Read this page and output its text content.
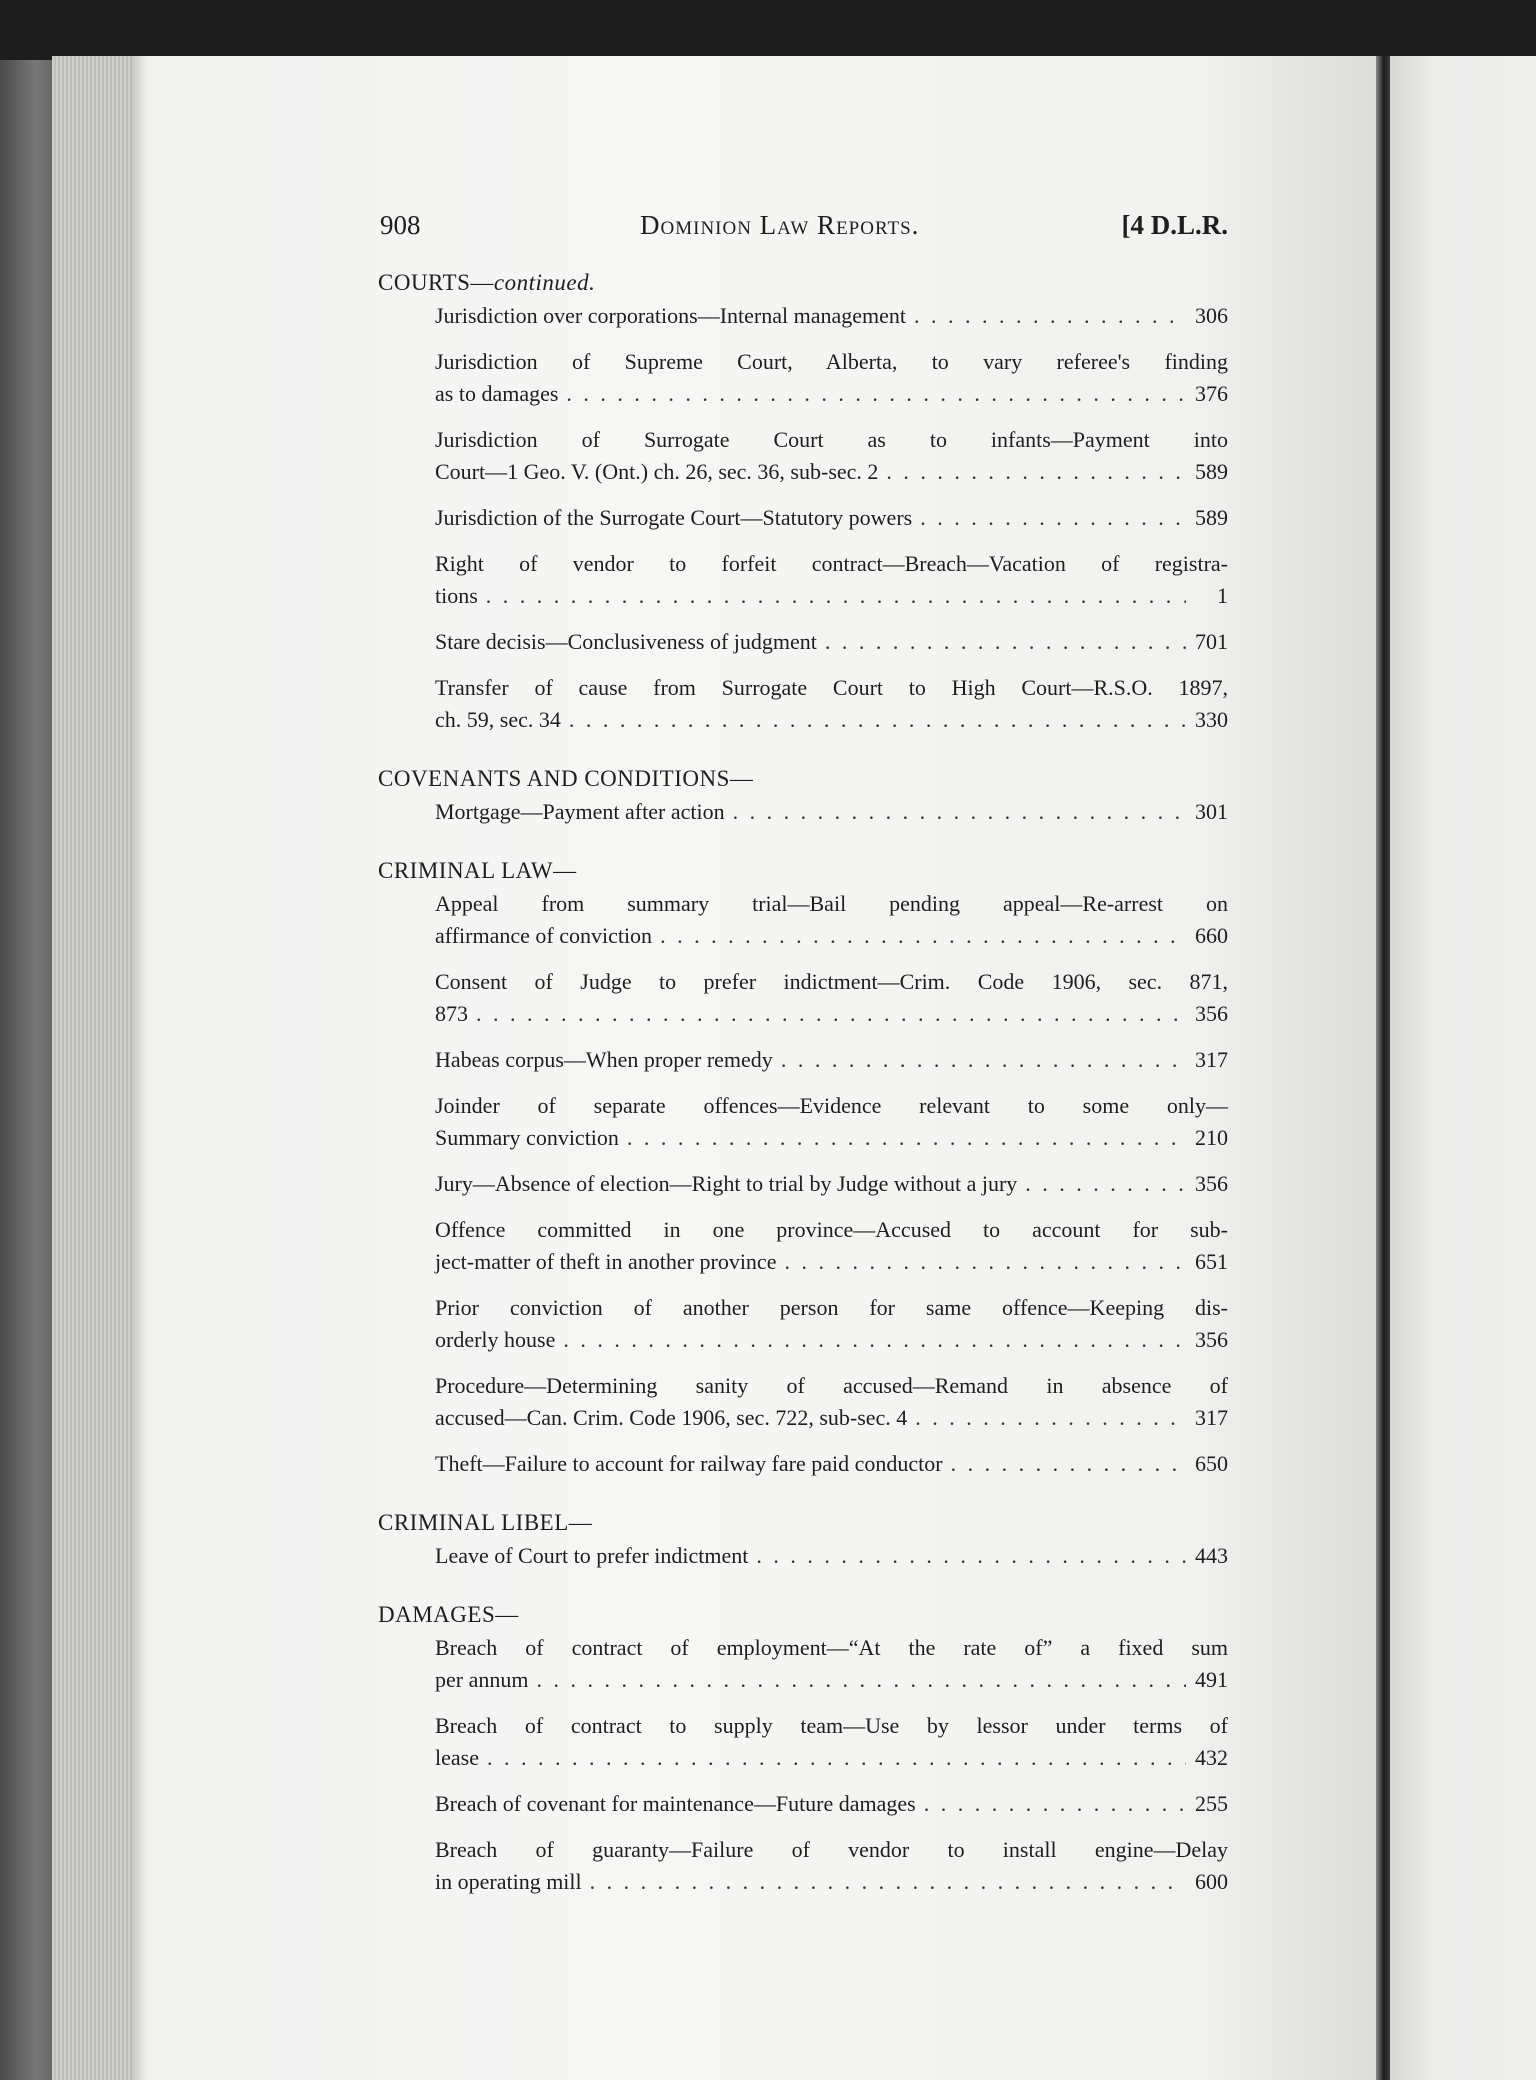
908	Dominion Law Reports.	[4 D.L.R.
COURTS—continued.
Jurisdiction over corporations—Internal management . . .	306
Jurisdiction of Supreme Court, Alberta, to vary referee's finding
as to damages . . .	376
Jurisdiction of Surrogate Court as to infants—Payment into
Court—1 Geo. V. (Ont.) ch. 26, sec. 36, sub-sec. 2 . . .	589
Jurisdiction of the Surrogate Court—Statutory powers . . .	589
Right of vendor to forfeit contract—Breach—Vacation of registra-
tions . . .	1
Stare decisis—Conclusiveness of judgment . . .	701
Transfer of cause from Surrogate Court to High Court—R.S.O. 1897,
ch. 59, sec. 34 . . .	330
COVENANTS AND CONDITIONS—
Mortgage—Payment after action . . .	301
CRIMINAL LAW—
Appeal from summary trial—Bail pending appeal—Re-arrest on
affirmance of conviction . . .	660
Consent of Judge to prefer indictment—Crim. Code 1906, sec. 871,
873 . . .	356
Habeas corpus—When proper remedy . . .	317
Joinder of separate offences—Evidence relevant to some only—
Summary conviction . . .	210
Jury—Absence of election—Right to trial by Judge without a jury . . .	356
Offence committed in one province—Accused to account for sub-
ject-matter of theft in another province . . .	651
Prior conviction of another person for same offence—Keeping dis-
orderly house . . .	356
Procedure—Determining sanity of accused—Remand in absence of
accused—Can. Crim. Code 1906, sec. 722, sub-sec. 4 . . .	317
Theft—Failure to account for railway fare paid conductor . . .	650
CRIMINAL LIBEL—
Leave of Court to prefer indictment . . .	443
DAMAGES—
Breach of contract of employment—“At the rate of” a fixed sum
per annum . . .	491
Breach of contract to supply team—Use by lessor under terms of
lease . . .	432
Breach of covenant for maintenance—Future damages . . .	255
Breach of guaranty—Failure of vendor to install engine—Delay
in operating mill . . .	600
